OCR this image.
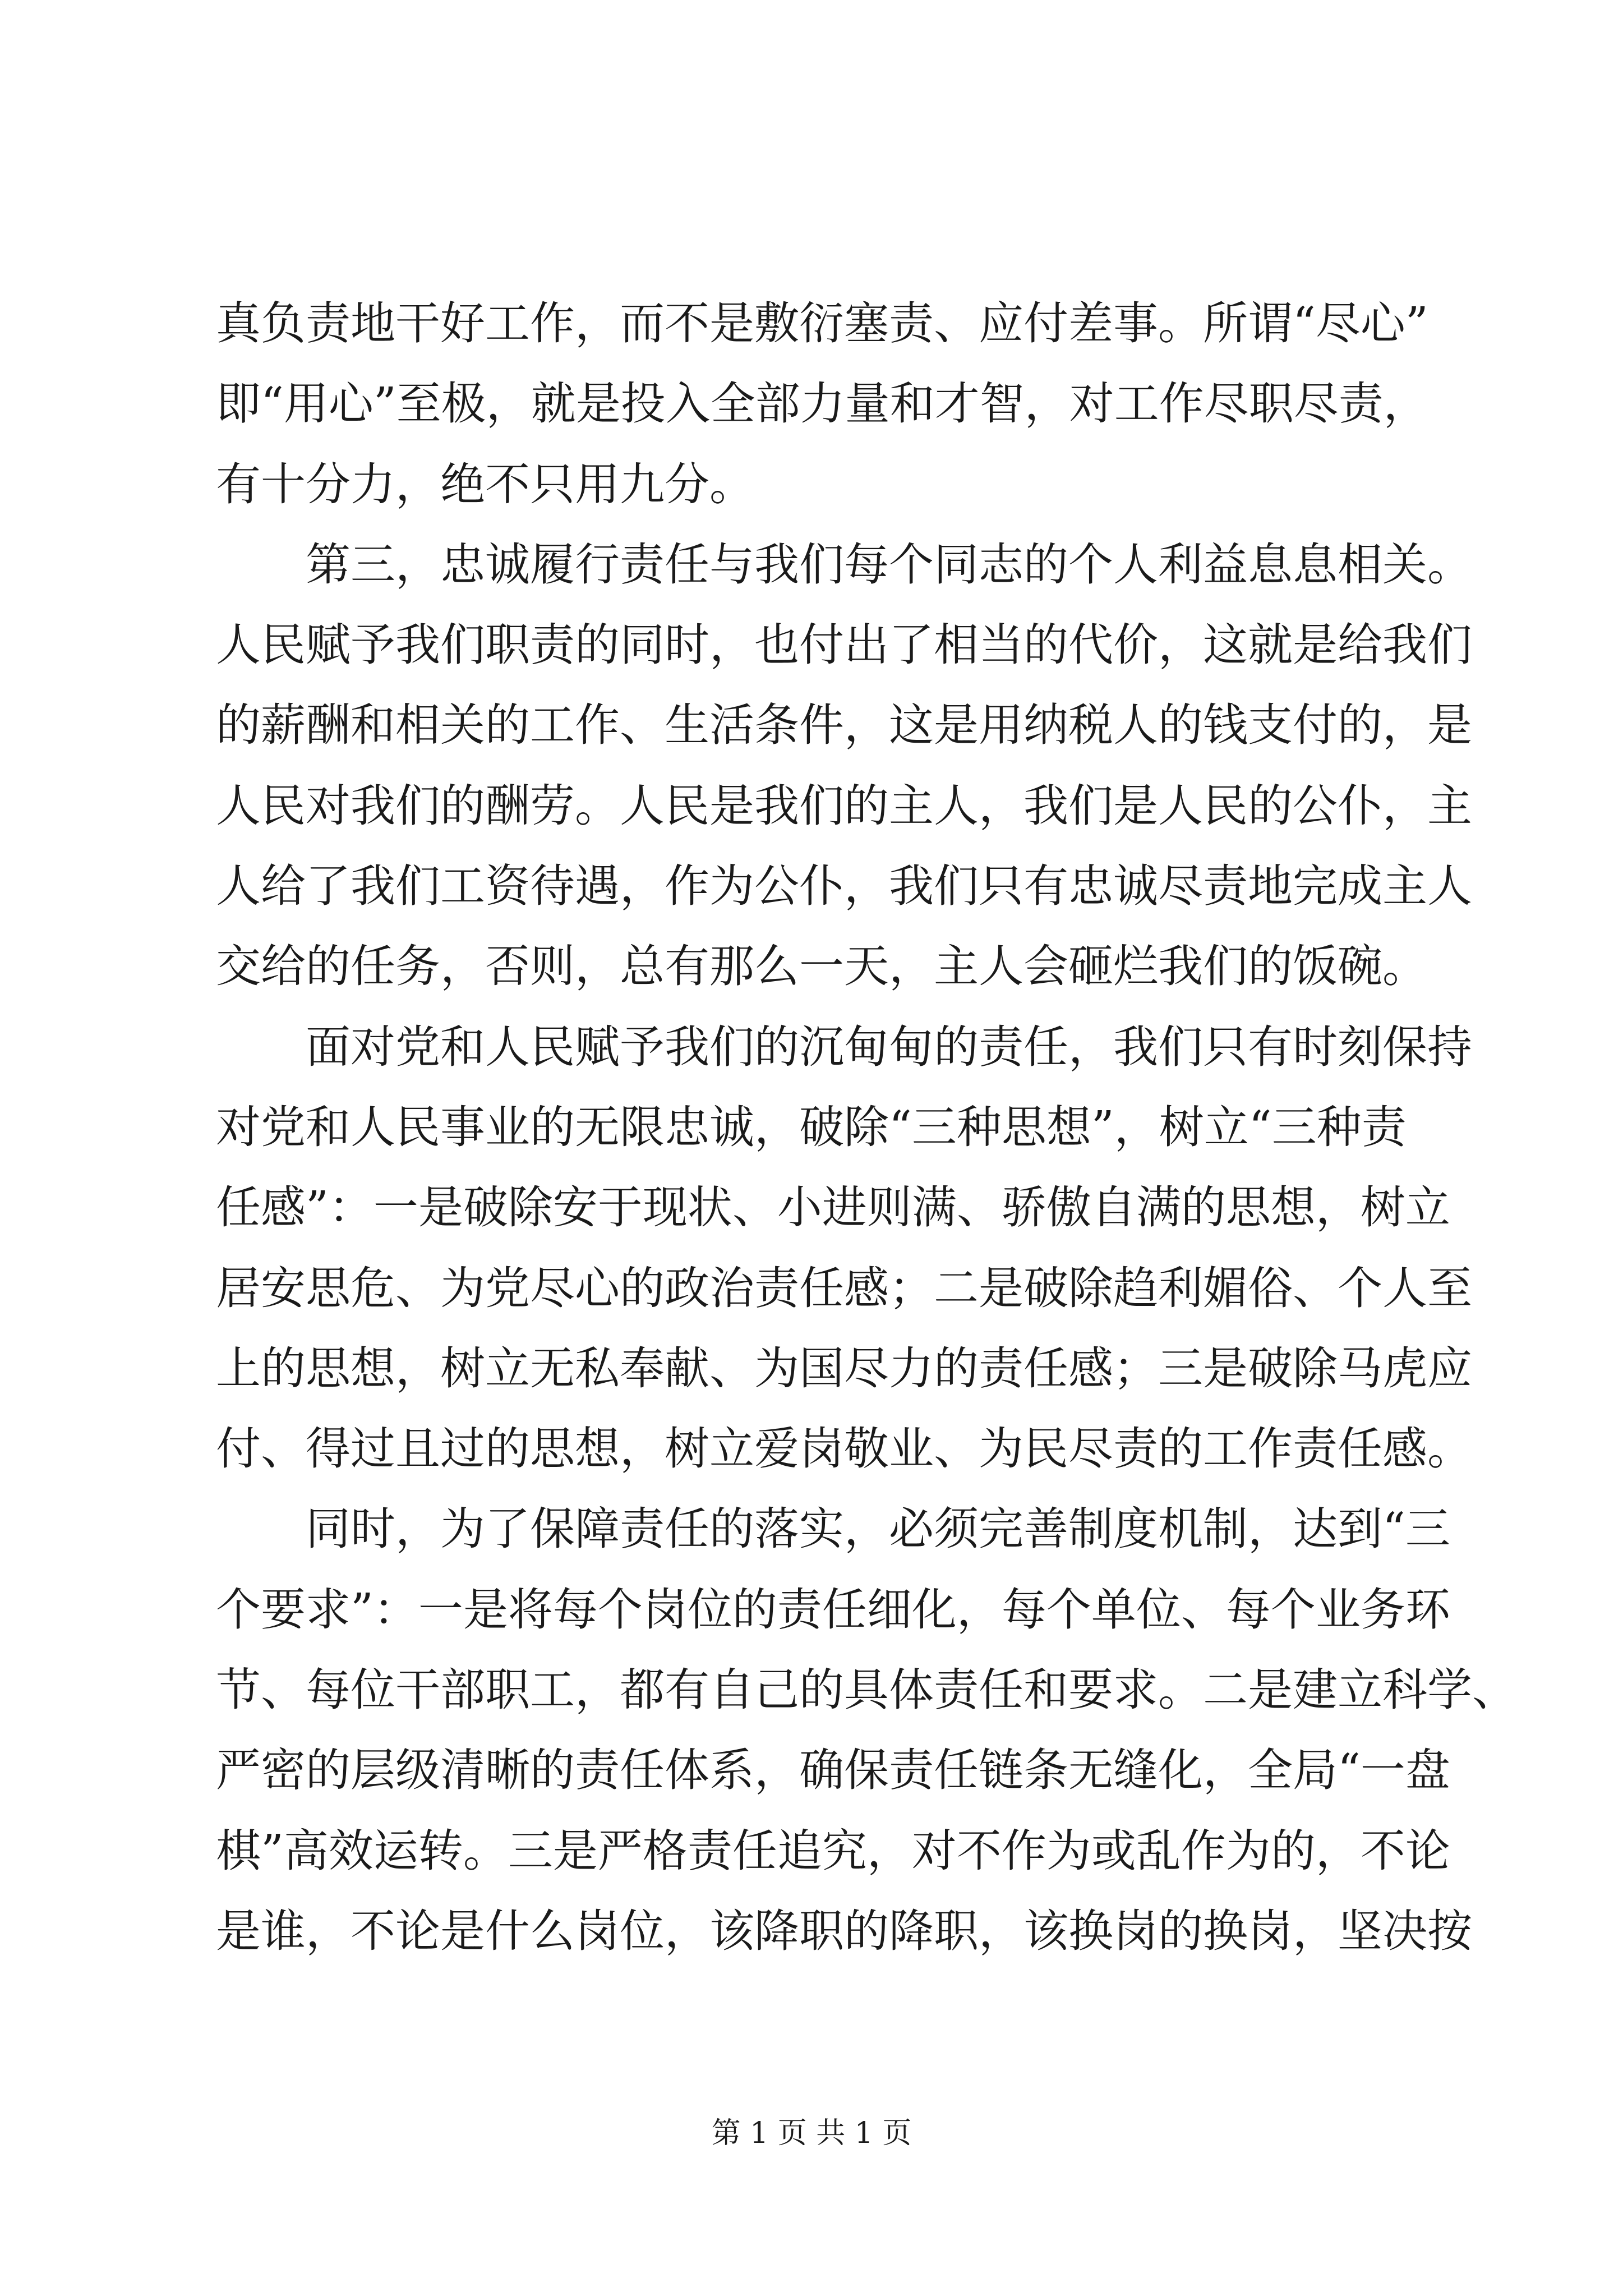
真负责地干好工作，而不是敷衍塞责、应付差事。所谓“尽心”
即“用心”至极，就是投入全部力量和才智，对工作尽职尽责，
有十分力，绝不只用九分。
　　第三，忠诚履行责任与我们每个同志的个人利益息息相关。
人民赋予我们职责的同时，也付出了相当的代价，这就是给我们
的薪酬和相关的工作、生活条件，这是用纳税人的钱支付的，是
人民对我们的酬劳。人民是我们的主人，我们是人民的公仆，主
人给了我们工资待遇，作为公仆，我们只有忠诚尽责地完成主人
交给的任务，否则，总有那么一天，主人会砸烂我们的饭碗。
　　面对党和人民赋予我们的沉甸甸的责任，我们只有时刻保持
对党和人民事业的无限忠诚，破除“三种思想”，树立“三种责
任感”：一是破除安于现状、小进则满、骄傲自满的思想，树立
居安思危、为党尽心的政治责任感；二是破除趋利媚俗、个人至
上的思想，树立无私奉献、为国尽力的责任感；三是破除马虎应
付、得过且过的思想，树立爱岗敬业、为民尽责的工作责任感。
　　同时，为了保障责任的落实，必须完善制度机制，达到“三
个要求”：一是将每个岗位的责任细化，每个单位、每个业务环
节、每位干部职工，都有自己的具体责任和要求。二是建立科学、
严密的层级清晰的责任体系，确保责任链条无缝化，全局“一盘
棋”高效运转。三是严格责任追究，对不作为或乱作为的，不论
是谁，不论是什么岗位，该降职的降职，该换岗的换岗，坚决按
第 1 页 共 1 页
